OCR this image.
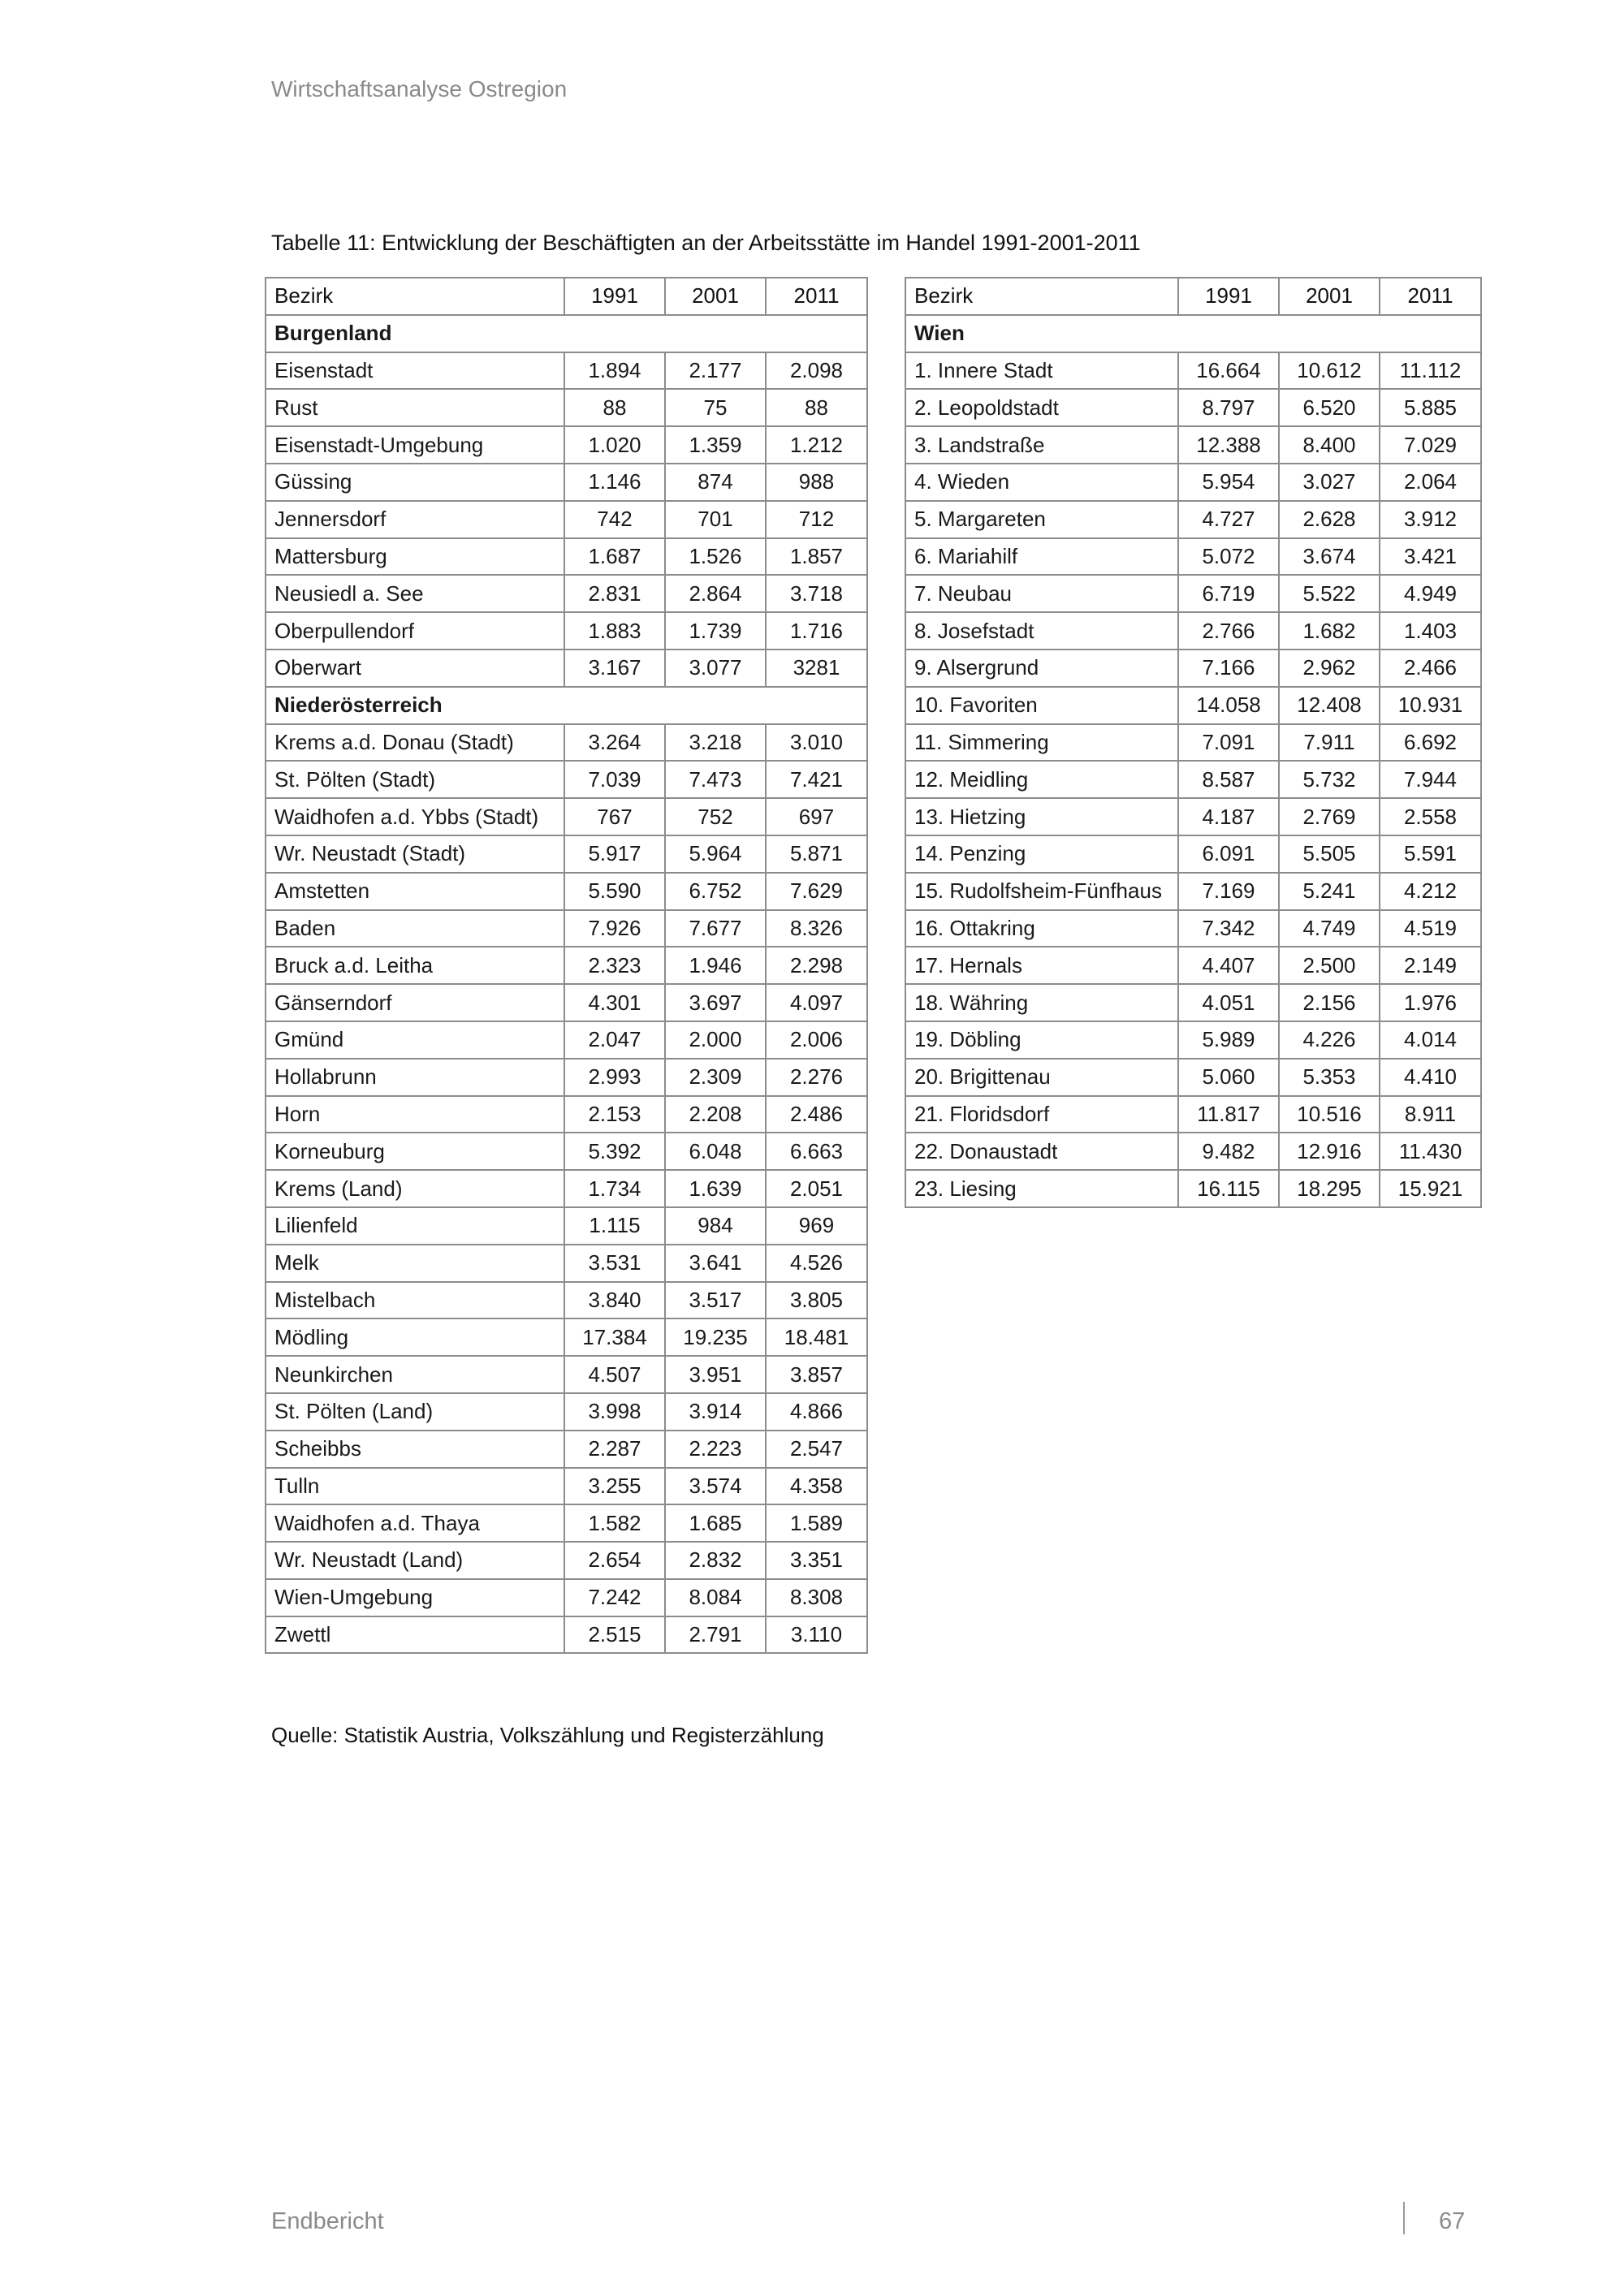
Wirtschaftsanalyse Ostregion
Tabelle 11: Entwicklung der Beschäftigten an der Arbeitsstätte im Handel 1991-2001-2011
Bezirk	1991	2001	2011
Burgenland			
Eisenstadt	1.894	2.177	2.098
Rust	88	75	88
Eisenstadt-Umgebung	1.020	1.359	1.212
Güssing	1.146	874	988
Jennersdorf	742	701	712
Mattersburg	1.687	1.526	1.857
Neusiedl a. See	2.831	2.864	3.718
Oberpullendorf	1.883	1.739	1.716
Oberwart	3.167	3.077	3281
Niederösterreich			
Krems a.d. Donau (Stadt)	3.264	3.218	3.010
St. Pölten (Stadt)	7.039	7.473	7.421
Waidhofen a.d. Ybbs (Stadt)	767	752	697
Wr. Neustadt (Stadt)	5.917	5.964	5.871
Amstetten	5.590	6.752	7.629
Baden	7.926	7.677	8.326
Bruck a.d. Leitha	2.323	1.946	2.298
Gänserndorf	4.301	3.697	4.097
Gmünd	2.047	2.000	2.006
Hollabrunn	2.993	2.309	2.276
Horn	2.153	2.208	2.486
Korneuburg	5.392	6.048	6.663
Krems (Land)	1.734	1.639	2.051
Lilienfeld	1.115	984	969
Melk	3.531	3.641	4.526
Mistelbach	3.840	3.517	3.805
Mödling	17.384	19.235	18.481
Neunkirchen	4.507	3.951	3.857
St. Pölten (Land)	3.998	3.914	4.866
Scheibbs	2.287	2.223	2.547
Tulln	3.255	3.574	4.358
Waidhofen a.d. Thaya	1.582	1.685	1.589
Wr. Neustadt (Land)	2.654	2.832	3.351
Wien-Umgebung	7.242	8.084	8.308
Zwettl	2.515	2.791	3.110
Bezirk	1991	2001	2011
Wien			
1. Innere Stadt	16.664	10.612	11.112
2. Leopoldstadt	8.797	6.520	5.885
3. Landstraße	12.388	8.400	7.029
4. Wieden	5.954	3.027	2.064
5. Margareten	4.727	2.628	3.912
6. Mariahilf	5.072	3.674	3.421
7. Neubau	6.719	5.522	4.949
8. Josefstadt	2.766	1.682	1.403
9. Alsergrund	7.166	2.962	2.466
10. Favoriten	14.058	12.408	10.931
11. Simmering	7.091	7.911	6.692
12. Meidling	8.587	5.732	7.944
13. Hietzing	4.187	2.769	2.558
14. Penzing	6.091	5.505	5.591
15. Rudolfsheim-Fünfhaus	7.169	5.241	4.212
16. Ottakring	7.342	4.749	4.519
17. Hernals	4.407	2.500	2.149
18. Währing	4.051	2.156	1.976
19. Döbling	5.989	4.226	4.014
20. Brigittenau	5.060	5.353	4.410
21. Floridsdorf	11.817	10.516	8.911
22. Donaustadt	9.482	12.916	11.430
23. Liesing	16.115	18.295	15.921
Quelle: Statistik Austria, Volkszählung und Registerzählung
Endbericht	67
